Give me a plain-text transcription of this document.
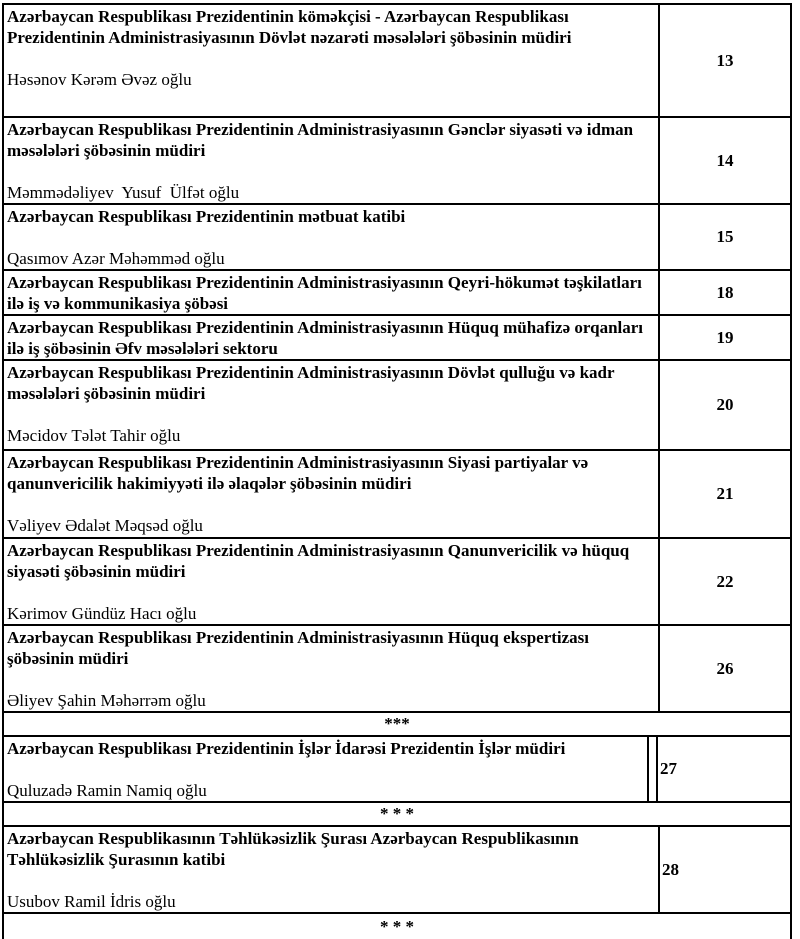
Azərbaycan Respublikası Prezidentinin köməkçisi - Azərbaycan Respublikası Prezidentinin Administrasiyasının Dövlət nəzarəti məsələləri şöbəsinin müdiri
Həsənov Kərəm Əvəz oğlu
13
Azərbaycan Respublikası Prezidentinin Administrasiyasının Gənclər siyasəti və idman məsələləri şöbəsinin müdiri
Məmmədəliyev  Yusuf  Ülfət oğlu
14
Azərbaycan Respublikası Prezidentinin mətbuat katibi
Qasımov Azər Məhəmməd oğlu
15
Azərbaycan Respublikası Prezidentinin Administrasiyasının Qeyri-hökumət təşkilatları ilə iş və kommunikasiya şöbəsi
18
Azərbaycan Respublikası Prezidentinin Administrasiyasının Hüquq mühafizə orqanları ilə iş şöbəsinin Əfv məsələləri sektoru
19
Azərbaycan Respublikası Prezidentinin Administrasiyasının Dövlət qulluğu və kadr məsələləri şöbəsinin müdiri
Məcidov Tələt Tahir oğlu
20
Azərbaycan Respublikası Prezidentinin Administrasiyasının Siyasi partiyalar və qanunvericilik hakimiyyəti ilə əlaqələr şöbəsinin müdiri
Vəliyev Ədalət Məqsəd oğlu
21
Azərbaycan Respublikası Prezidentinin Administrasiyasının Qanunvericilik və hüquq siyasəti şöbəsinin müdiri
Kərimov Gündüz Hacı oğlu
22
Azərbaycan Respublikası Prezidentinin Administrasiyasının Hüquq ekspertizası şöbəsinin müdiri
Əliyev Şahin Məhərrəm oğlu
26
***
Azərbaycan Respublikası Prezidentinin İşlər İdarəsi Prezidentin İşlər müdiri
Quluzadə Ramin Namiq oğlu
27
* * *
Azərbaycan Respublikasının Təhlükəsizlik Şurası Azərbaycan Respublikasının Təhlükəsizlik Şurasının katibi
Usubov Ramil İdris oğlu
28
* * *
